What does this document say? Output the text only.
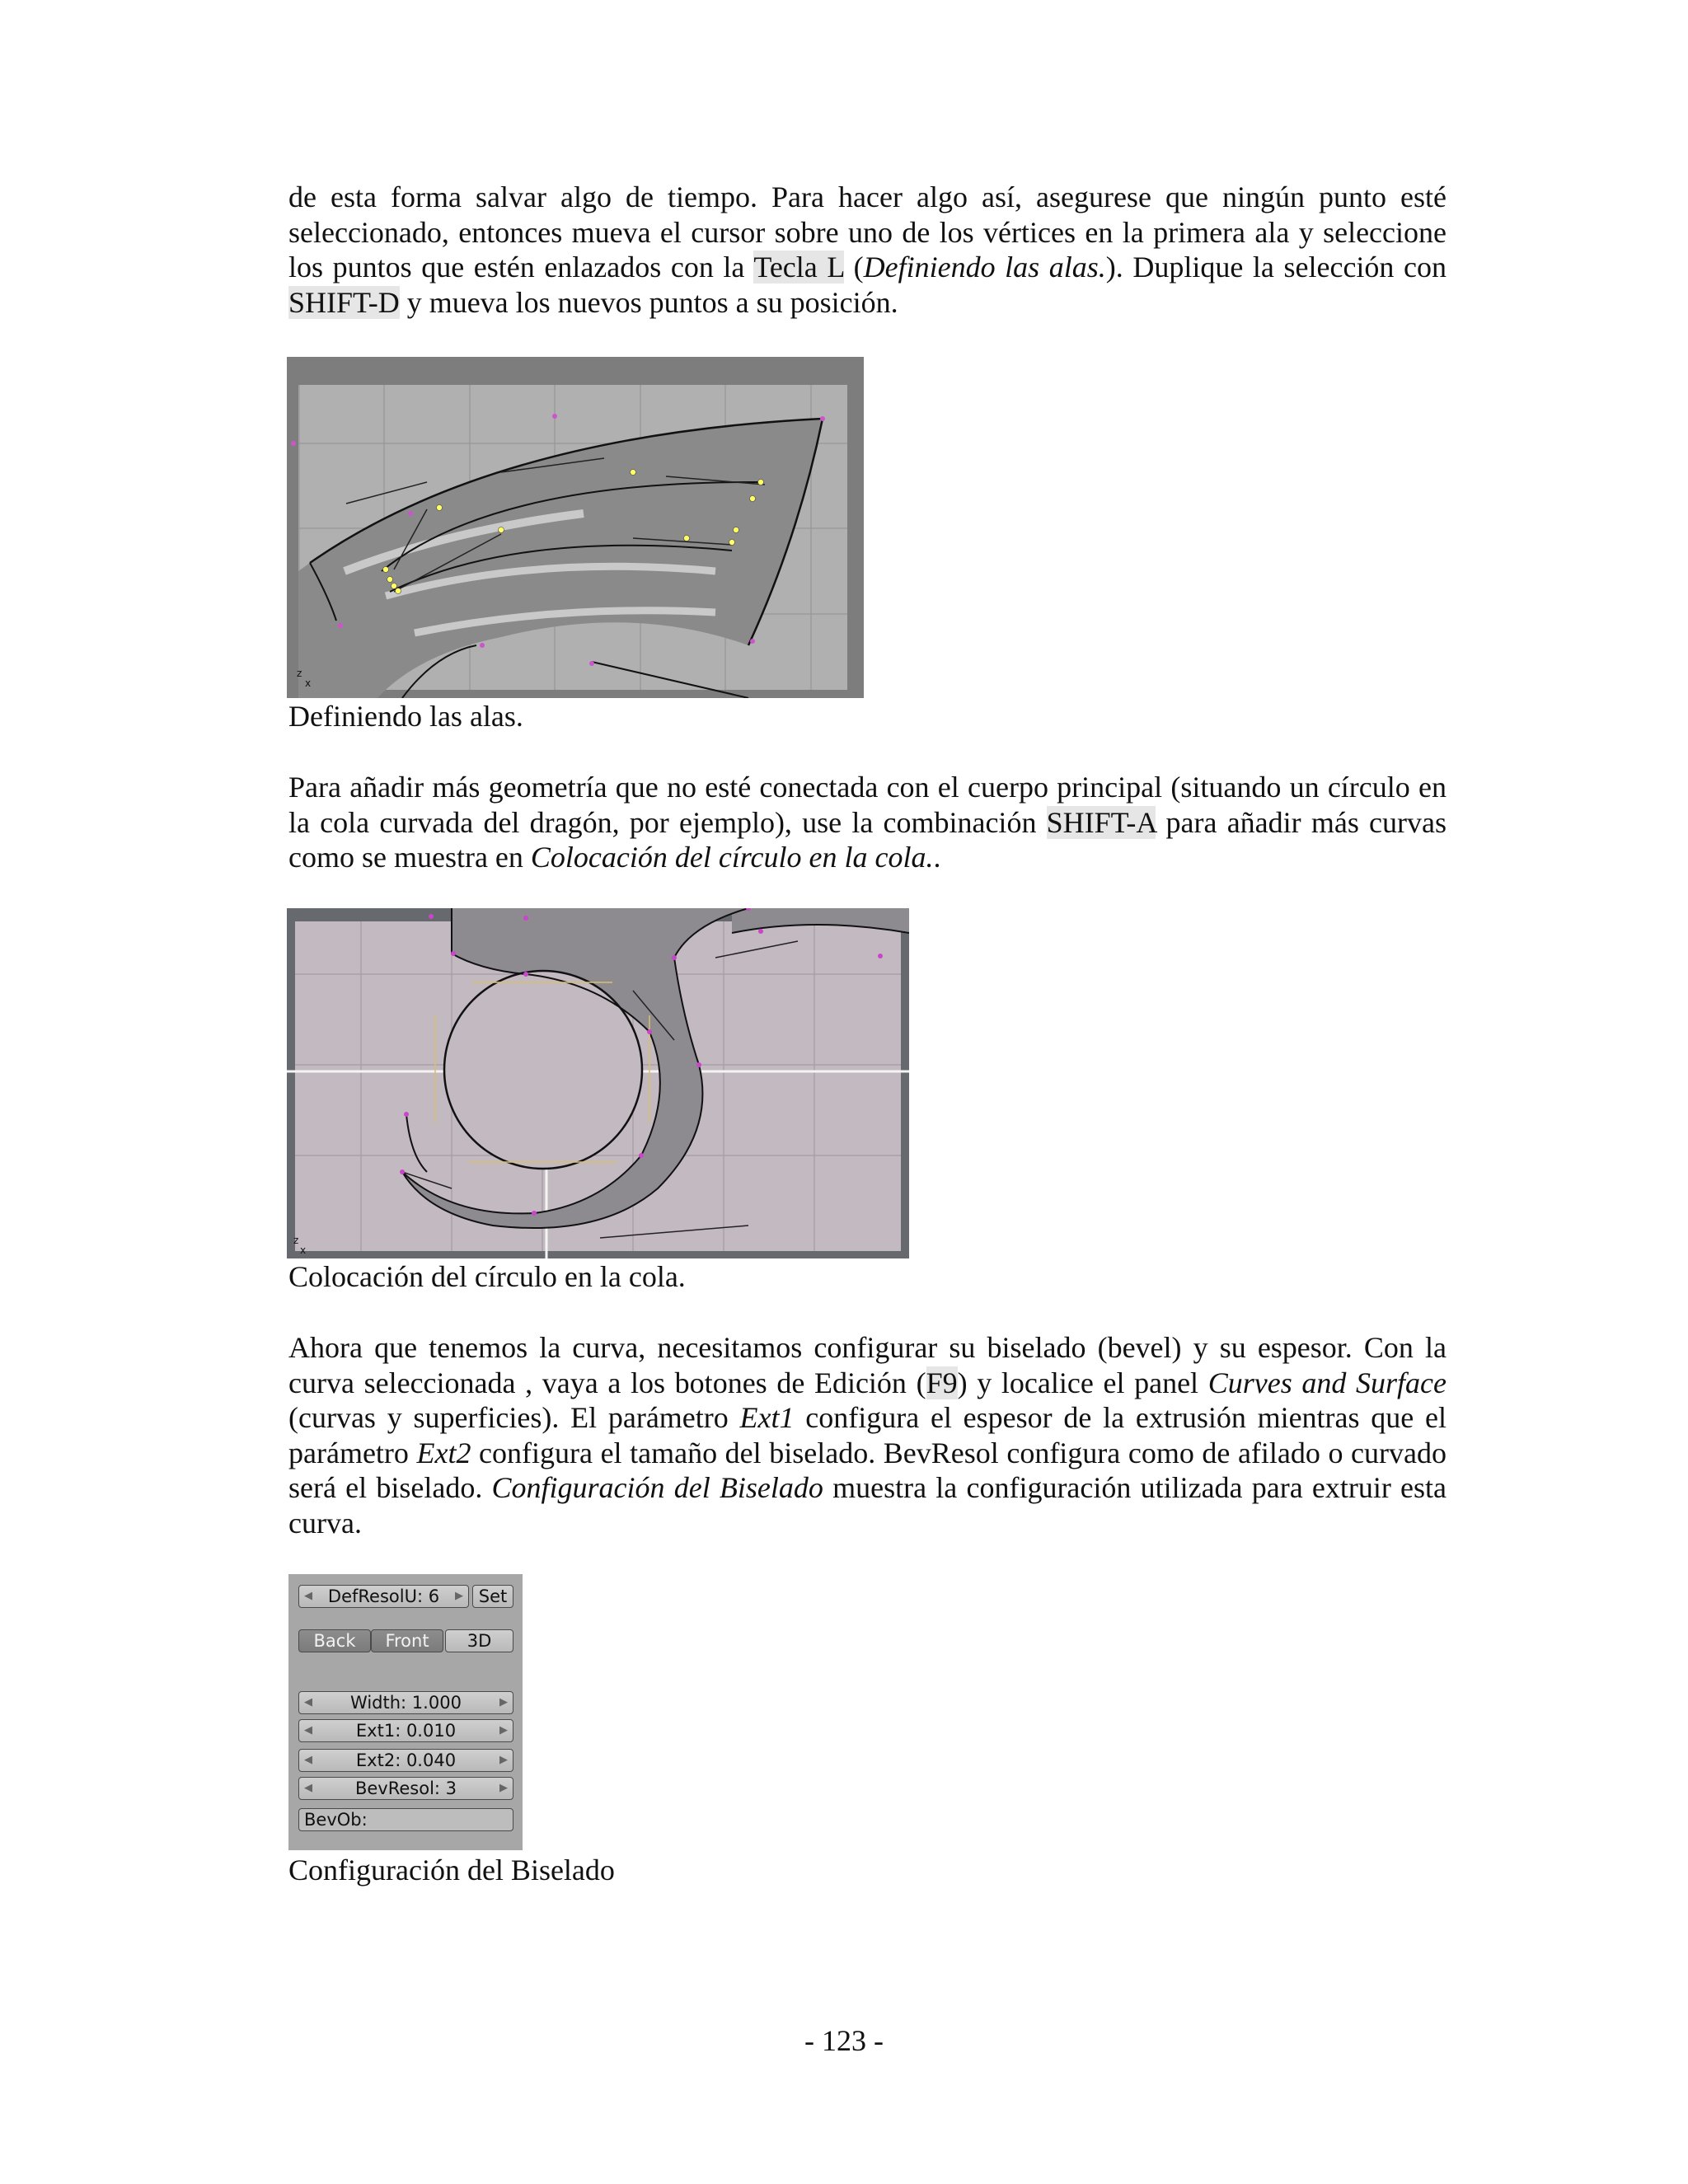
de esta forma salvar algo de tiempo. Para hacer algo así, asegurese que ningún punto esté seleccionado, entonces mueva el cursor sobre uno de los vértices en la primera ala y seleccione los puntos que estén enlazados con la Tecla L (Definiendo las alas.). Duplique la selección con SHIFT-D y mueva los nuevos puntos a su posición.

z
x

Definiendo las alas.

Para añadir más geometría que no esté conectada con el cuerpo principal (situando un círculo en la cola curvada del dragón, por ejemplo), use la combinación SHIFT-A para añadir más curvas como se muestra en Colocación del círculo en la cola..

z
x

Colocación del círculo en la cola.

Ahora que tenemos la curva, necesitamos configurar su biselado (bevel) y su espesor. Con la curva seleccionada , vaya a los botones de Edición (F9) y localice el panel Curves and Surface (curvas y superficies). El parámetro Ext1 configura el espesor de la extrusión mientras que el parámetro Ext2 configura el tamaño del biselado. BevResol configura como de afilado o curvado será el biselado. Configuración del Biselado muestra la configuración utilizada para extruir esta curva.

◀ DefResolU: 6 ▶ Set
Back	Front	3D
◀ Width: 1.000	▶
◀	Ext1: 0.010	▶
◀	Ext2: 0.040	▶
◀ BevResol: 3	▶
BevOb:

Configuración del Biselado

- 123 -
